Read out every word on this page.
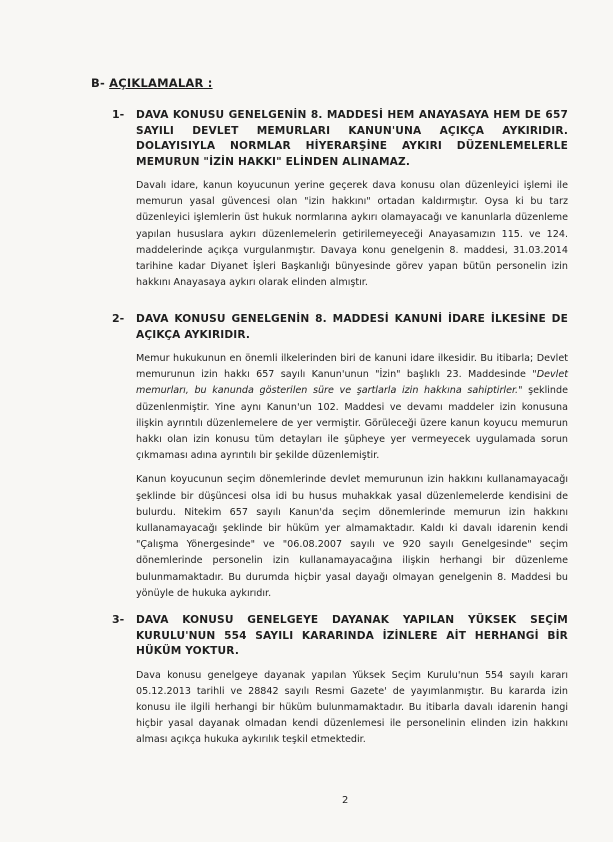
B- AÇIKLAMALAR :
1- DAVA KONUSU GENELGENİN 8. MADDESİ HEM ANAYASAYA HEM DE 657 SAYILI DEVLET MEMURLARI KANUN'UNA AÇIKÇA AYKIRIDIR. DOLAYISIYLA NORMLAR HİYERARŞİNE AYKIRI DÜZENLEMELERLE MEMURUN "İZİN HAKKI" ELİNDEN ALINAMAZ.
Davalı idare, kanun koyucunun yerine geçerek dava konusu olan düzenleyici işlemi ile memurun yasal güvencesi olan "izin hakkını" ortadan kaldırmıştır. Oysa ki bu tarz düzenleyici işlemlerin üst hukuk normlarına aykırı olamayacağı ve kanunlarla düzenleme yapılan hususlara aykırı düzenlemelerin getirilemeyeceği Anayasamızın 115. ve 124. maddelerinde açıkça vurgulanmıştır. Davaya konu genelgenin 8. maddesi, 31.03.2014 tarihine kadar Diyanet İşleri Başkanlığı bünyesinde görev yapan bütün personelin izin hakkını Anayasaya aykırı olarak elinden almıştır.
2- DAVA KONUSU GENELGENİN 8. MADDESİ KANUNİ İDARE İLKESİNE DE AÇIKÇA AYKIRIDIR.
Memur hukukunun en önemli ilkelerinden biri de kanuni idare ilkesidir. Bu itibarla; Devlet memurunun izin hakkı 657 sayılı Kanun'unun "İzin" başlıklı 23. Maddesinde "Devlet memurları, bu kanunda gösterilen süre ve şartlarla izin hakkına sahiptirler." şeklinde düzenlenmiştir. Yine aynı Kanun'un 102. Maddesi ve devamı maddeler izin konusuna ilişkin ayrıntılı düzenlemelere de yer vermiştir. Görüleceği üzere kanun koyucu memurun hakkı olan izin konusu tüm detayları ile şüpheye yer vermeyecek uygulamada sorun çıkmaması adına ayrıntılı bir şekilde düzenlemiştir.
Kanun koyucunun seçim dönemlerinde devlet memurunun izin hakkını kullanamayacağı şeklinde bir düşüncesi olsa idi bu husus muhakkak yasal düzenlemelerde kendisini de bulurdu. Nitekim 657 sayılı Kanun'da seçim dönemlerinde memurun izin hakkını kullanamayacağı şeklinde bir hüküm yer almamaktadır. Kaldı ki davalı idarenin kendi "Çalışma Yönergesinde" ve "06.08.2007 sayılı ve 920 sayılı Genelgesinde" seçim dönemlerinde personelin izin kullanamayacağına ilişkin herhangi bir düzenleme bulunmamaktadır. Bu durumda hiçbir yasal dayağı olmayan genelgenin 8. Maddesi bu yönüyle de hukuka aykırıdır.
3- DAVA KONUSU GENELGEYE DAYANAK YAPILAN YÜKSEK SEÇİM KURULU'NUN 554 SAYILI KARARINDA İZİNLERE AİT HERHANGİ BİR HÜKÜM YOKTUR.
Dava konusu genelgeye dayanak yapılan Yüksek Seçim Kurulu'nun 554 sayılı kararı 05.12.2013 tarihli ve 28842 sayılı Resmi Gazete' de yayımlanmıştır. Bu kararda izin konusu ile ilgili herhangi bir hüküm bulunmamaktadır. Bu itibarla davalı idarenin hangi hiçbir yasal dayanak olmadan kendi düzenlemesi ile personelinin elinden izin hakkını alması açıkça hukuka aykırılık teşkil etmektedir.
2
